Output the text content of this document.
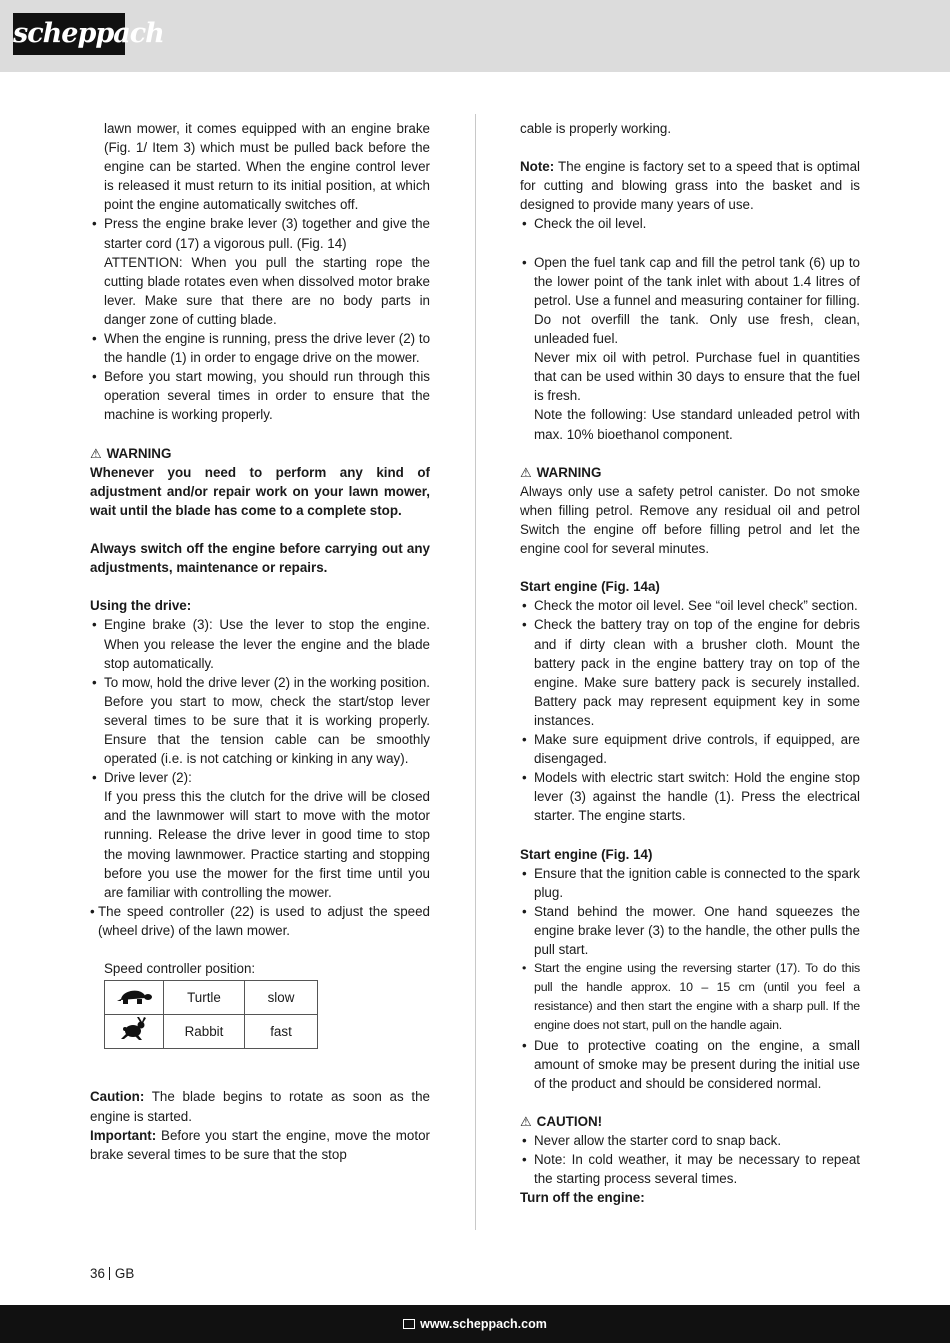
scheppach

lawn mower, it comes equipped with an engine brake (Fig. 1/ Item 3) which must be pulled back before the engine can be started. When the engine control lever is released it must return to its initial position, at which point the engine automatically switches off.

• Press the engine brake lever (3) together and give the starter cord (17) a vigorous pull. (Fig. 14)

ATTENTION: When you pull the starting rope the cutting blade rotates even when dissolved motor brake lever. Make sure that there are no body parts in danger zone of cutting blade.

• When the engine is running, press the drive lever (2) to the handle (1) in order to engage drive on the mower.

• Before you start mowing, you should run through this operation several times in order to ensure that the machine is working properly.

⚠ WARNING

Whenever you need to perform any kind of adjustment and/or repair work on your lawn mower, wait until the blade has come to a complete stop.

Always switch off the engine before carrying out any adjustments, maintenance or repairs.

Using the drive:

• Engine brake (3): Use the lever to stop the engine. When you release the lever the engine and the blade stop automatically.

• To mow, hold the drive lever (2) in the working position. Before you start to mow, check the start/stop lever several times to be sure that it is working properly. Ensure that the tension cable can be smoothly operated (i.e. is not catching or kinking in any way).

• Drive lever (2):

If you press this the clutch for the drive will be closed and the lawnmower will start to move with the motor running. Release the drive lever in good time to stop the moving lawnmower. Practice starting and stopping before you use the mower for the first time until you are familiar with controlling the mower.

• The speed controller (22) is used to adjust the speed (wheel drive) of the lawn mower.

Speed controller position:

	Turtle	slow
	Rabbit	fast

Caution: The blade begins to rotate as soon as the engine is started.

Important: Before you start the engine, move the motor brake several times to be sure that the stop

cable is properly working.

Note: The engine is factory set to a speed that is optimal for cutting and blowing grass into the basket and is designed to provide many years of use.

• Check the oil level.

• Open the fuel tank cap and fill the petrol tank (6) up to the lower point of the tank inlet with about 1.4 litres of petrol. Use a funnel and measuring container for filling. Do not overfill the tank. Only use fresh, clean, unleaded fuel.

Never mix oil with petrol. Purchase fuel in quantities that can be used within 30 days to ensure that the fuel is fresh.

Note the following: Use standard unleaded petrol with max. 10% bioethanol component.

⚠ WARNING

Always only use a safety petrol canister. Do not smoke when filling petrol. Remove any residual oil and petrol Switch the engine off before filling petrol and let the engine cool for several minutes.

Start engine (Fig. 14a)

• Check the motor oil level. See “oil level check” section.

• Check the battery tray on top of the engine for debris and if dirty clean with a brusher cloth. Mount the battery pack in the engine battery tray on top of the engine. Make sure battery pack is securely installed. Battery pack may represent equipment key in some instances.

• Make sure equipment drive controls, if equipped, are disengaged.

• Models with electric start switch: Hold the engine stop lever (3) against the handle (1). Press the electrical starter. The engine starts.

Start engine (Fig. 14)

• Ensure that the ignition cable is connected to the spark plug.

• Stand behind the mower. One hand squeezes the engine brake lever (3) to the handle, the other pulls the pull start.

• Start the engine using the reversing starter (17). To do this pull the handle approx. 10 – 15 cm (until you feel a resistance) and then start the engine with a sharp pull. If the engine does not start, pull on the handle again.

• Due to protective coating on the engine, a small amount of smoke may be present during the initial use of the product and should be considered normal.

⚠ CAUTION!

• Never allow the starter cord to snap back.

• Note: In cold weather, it may be necessary to repeat the starting process several times.

Turn off the engine:

36 GB
www.scheppach.com
